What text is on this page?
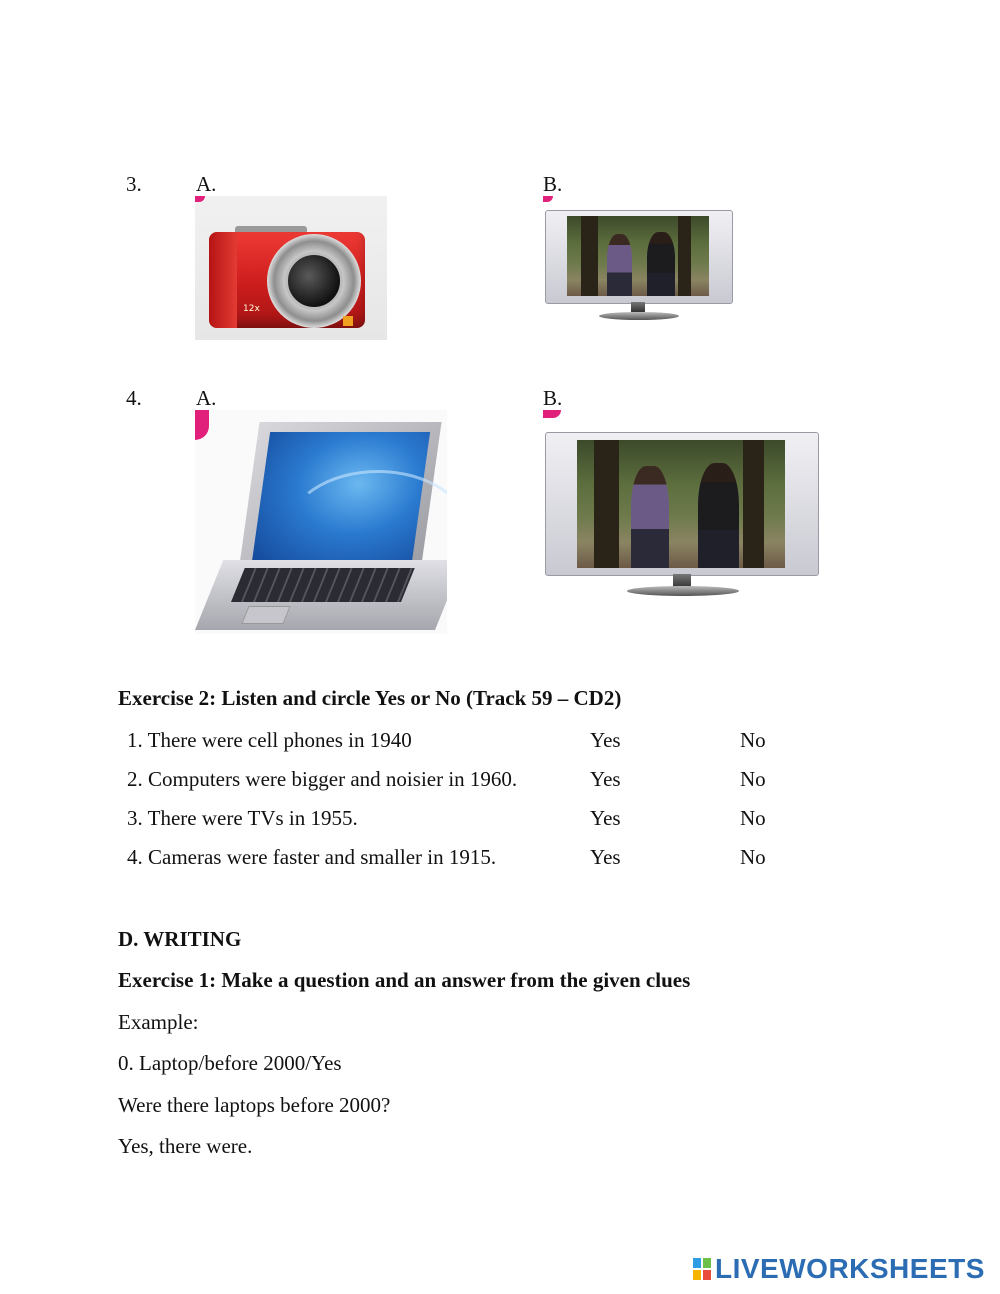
3.	A.	B.
12x
4.	A.	B.
Exercise 2: Listen and circle Yes or No (Track 59 – CD2)
1. There were cell phones in 1940	Yes	No
2. Computers were bigger and noisier in 1960.	Yes	No
3. There were TVs in 1955.	Yes	No
4. Cameras were faster and smaller in 1915.	Yes	No
D. WRITING
Exercise 1: Make a question and an answer from the given clues
Example:
0. Laptop/before 2000/Yes
Were there laptops before 2000?
Yes, there were.
LIVEWORKSHEETS
